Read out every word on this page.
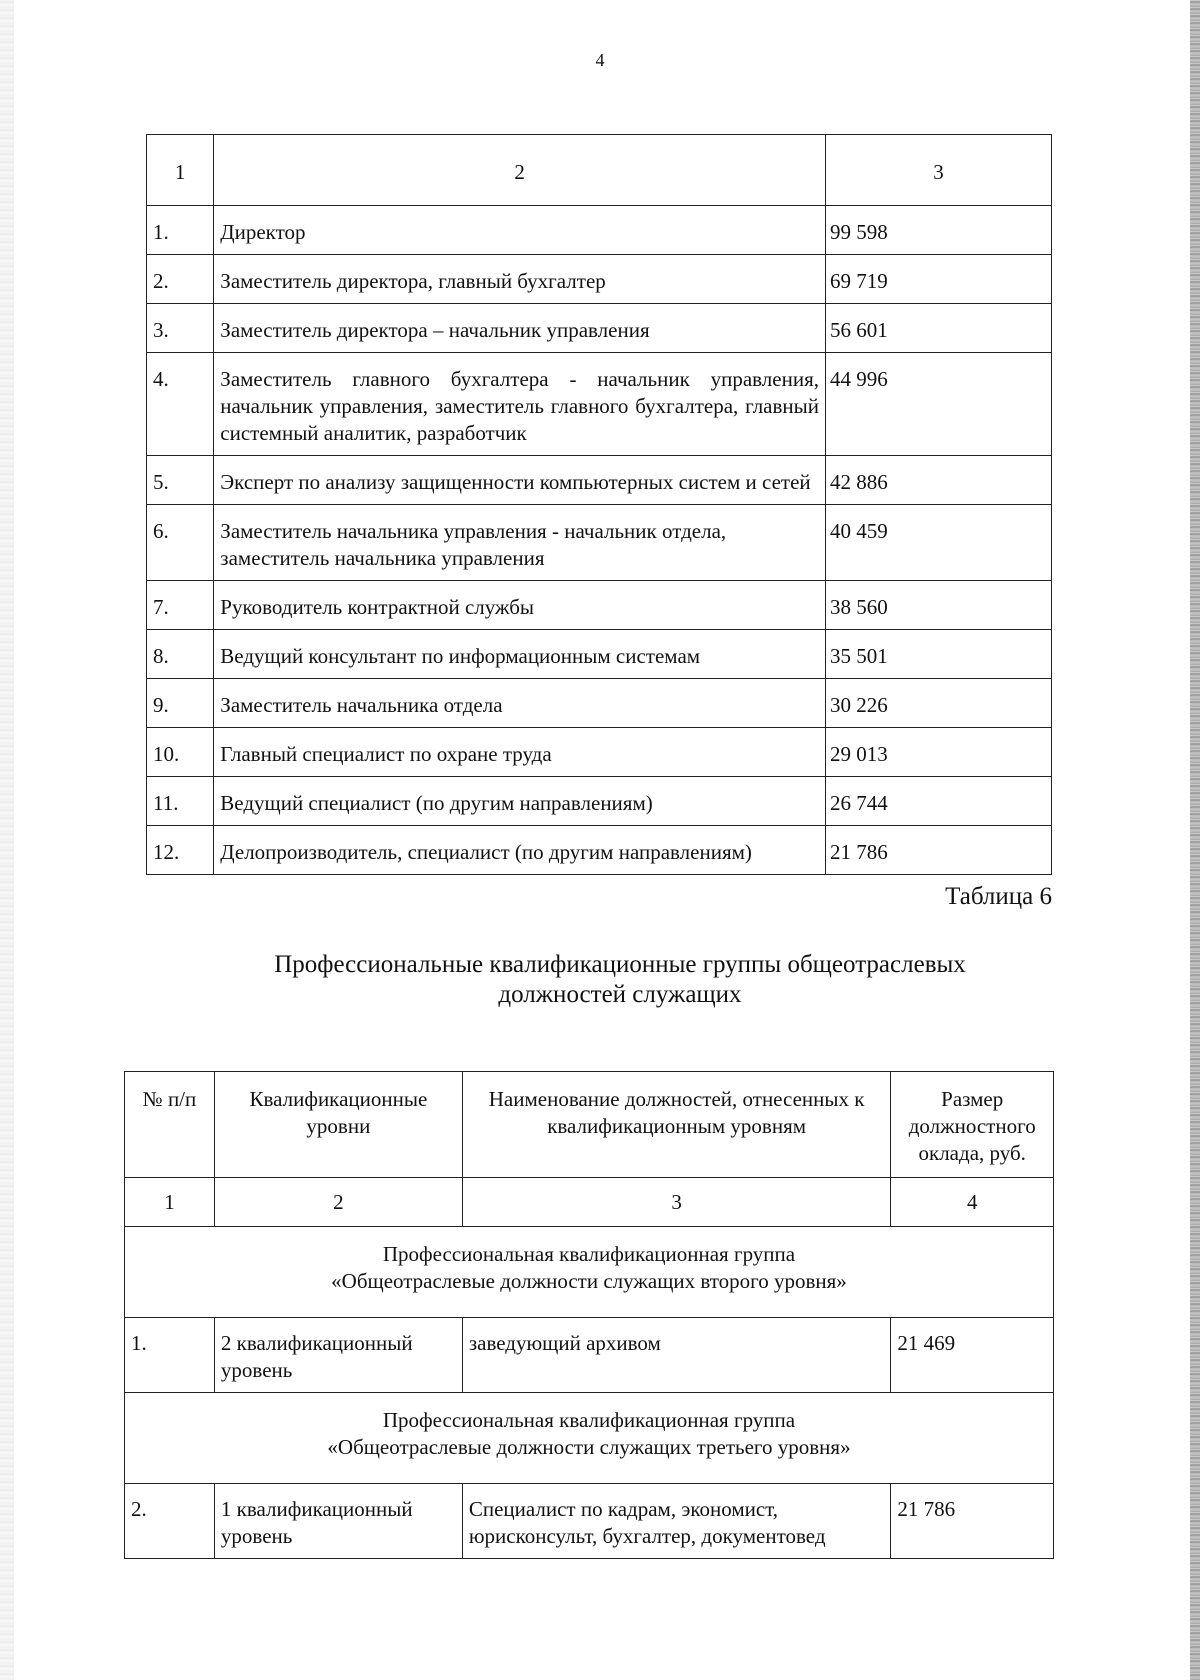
4
1	2	3
1.	Директор	99 598
2.	Заместитель директора, главный бухгалтер	69 719
3.	Заместитель директора – начальник управления	56 601
4.	Заместитель главного бухгалтера - начальник управления, начальник управления, заместитель главного бухгалтера, главный системный аналитик, разработчик	44 996
5.	Эксперт по анализу защищенности компьютерных систем и сетей	42 886
6.	Заместитель начальника управления - начальник отдела, заместитель начальника управления	40 459
7.	Руководитель контрактной службы	38 560
8.	Ведущий консультант по информационным системам	35 501
9.	Заместитель начальника отдела	30 226
10.	Главный специалист по охране труда	29 013
11.	Ведущий специалист (по другим направлениям)	26 744
12.	Делопроизводитель, специалист (по другим направлениям)	21 786
Таблица 6
Профессиональные квалификационные группы общеотраслевых
должностей служащих
№ п/п	Квалификационные уровни	Наименование должностей, отнесенных к квалификационным уровням	Размер должностного оклада, руб.
1	2	3	4

Профессиональная квалификационная группа
«Общеотраслевые должности служащих второго уровня»			

1.	2 квалификационный уровень	заведующий архивом	21 469

Профессиональная квалификационная группа
«Общеотраслевые должности служащих третьего уровня»			

2.	1 квалификационный уровень	Специалист по кадрам, экономист, юрисконсульт, бухгалтер, документовед	21 786
